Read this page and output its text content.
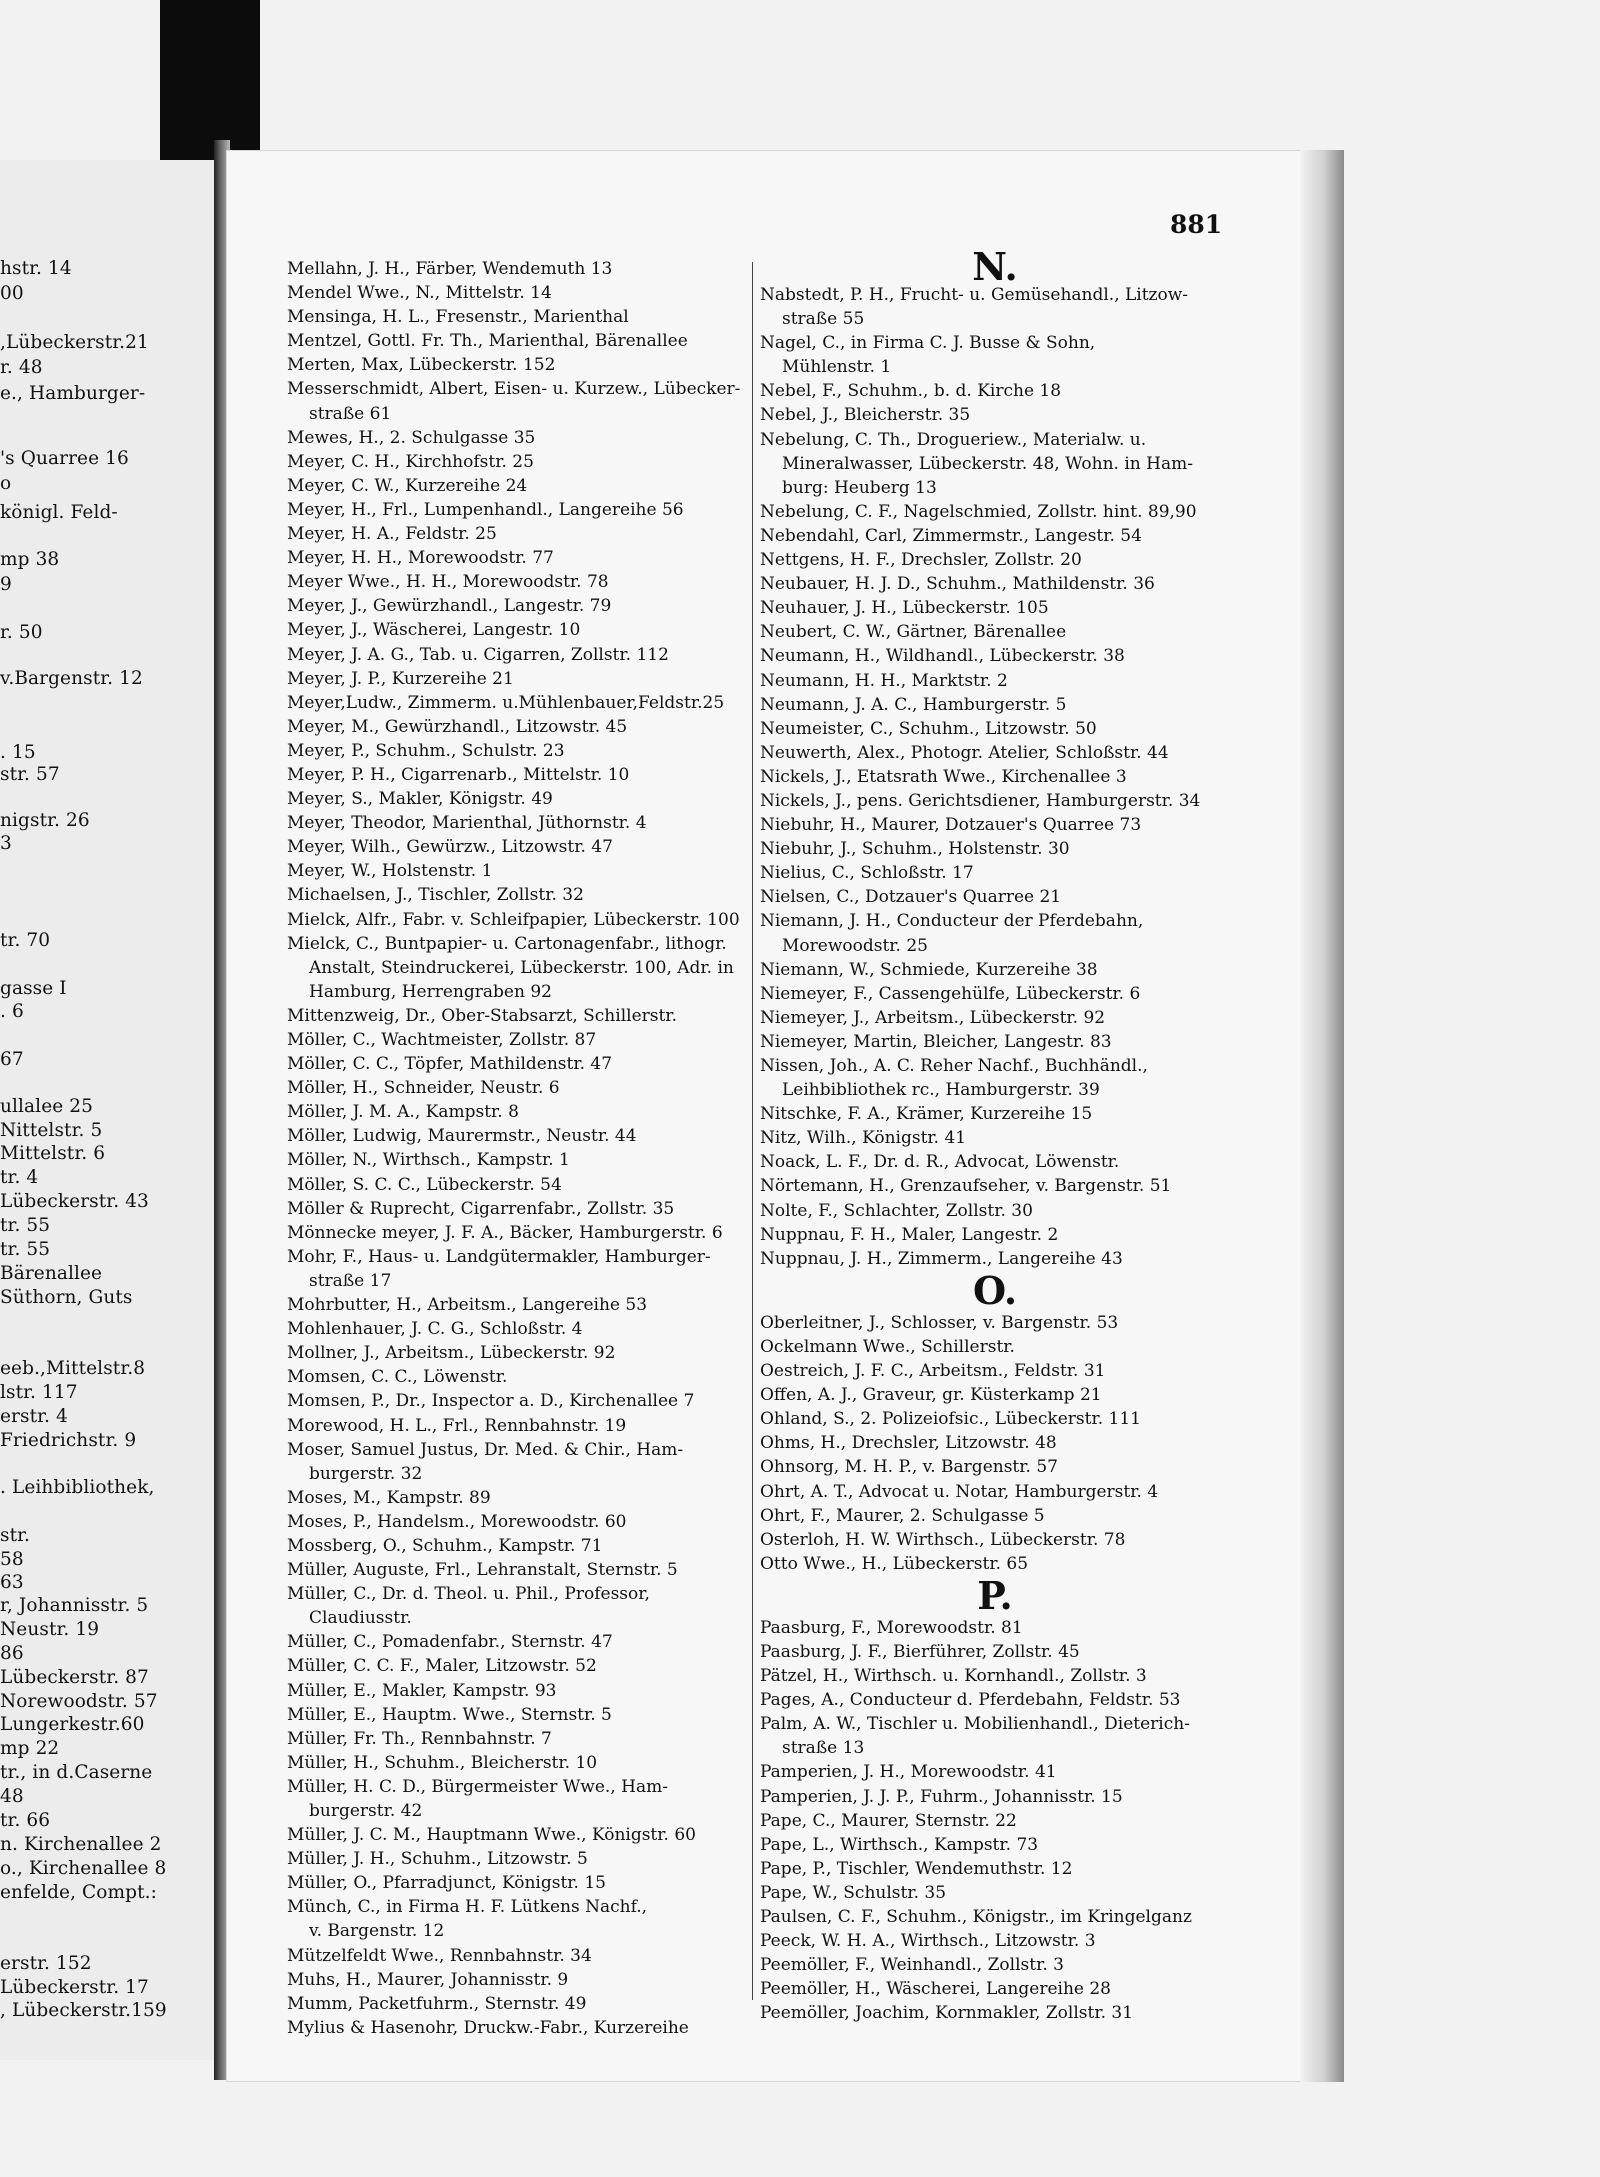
hstr. 14
00
,Lübeckerstr.21
r. 48
e., Hamburger-
's Quarree 16
o
königl. Feld-
mp 38
9
r. 50
v.Bargenstr. 12
. 15
str. 57
nigstr. 26
3
tr. 70
gasse I
. 6
67
ullalee 25
Nittelstr. 5
Mittelstr. 6
tr. 4
Lübeckerstr. 43
tr. 55
tr. 55
Bärenallee
Süthorn, Guts
eeb.,Mittelstr.8
lstr. 117
erstr. 4
Friedrichstr. 9
. Leihbibliothek,
str.
58
63
r, Johannisstr. 5
Neustr. 19
86
Lübeckerstr. 87
Norewoodstr. 57
Lungerkestr.60
mp 22
tr., in d.Caserne
48
tr. 66
n. Kirchenallee 2
o., Kirchenallee 8
enfelde, Compt.:
erstr. 152
Lübeckerstr. 17
, Lübeckerstr.159
881
Mellahn, J. H., Färber, Wendemuth 13
Mendel Wwe., N., Mittelstr. 14
Mensinga, H. L., Fresenstr., Marienthal
Mentzel, Gottl. Fr. Th., Marienthal, Bärenallee
Merten, Max, Lübeckerstr. 152
Messerschmidt, Albert, Eisen- u. Kurzew., Lübecker-
straße 61
Mewes, H., 2. Schulgasse 35
Meyer, C. H., Kirchhofstr. 25
Meyer, C. W., Kurzereihe 24
Meyer, H., Frl., Lumpenhandl., Langereihe 56
Meyer, H. A., Feldstr. 25
Meyer, H. H., Morewoodstr. 77
Meyer Wwe., H. H., Morewoodstr. 78
Meyer, J., Gewürzhandl., Langestr. 79
Meyer, J., Wäscherei, Langestr. 10
Meyer, J. A. G., Tab. u. Cigarren, Zollstr. 112
Meyer, J. P., Kurzereihe 21
Meyer,Ludw., Zimmerm. u.Mühlenbauer,Feldstr.25
Meyer, M., Gewürzhandl., Litzowstr. 45
Meyer, P., Schuhm., Schulstr. 23
Meyer, P. H., Cigarrenarb., Mittelstr. 10
Meyer, S., Makler, Königstr. 49
Meyer, Theodor, Marienthal, Jüthornstr. 4
Meyer, Wilh., Gewürzw., Litzowstr. 47
Meyer, W., Holstenstr. 1
Michaelsen, J., Tischler, Zollstr. 32
Mielck, Alfr., Fabr. v. Schleifpapier, Lübeckerstr. 100
Mielck, C., Buntpapier- u. Cartonagenfabr., lithogr.
Anstalt, Steindruckerei, Lübeckerstr. 100, Adr. in
Hamburg, Herrengraben 92
Mittenzweig, Dr., Ober-Stabsarzt, Schillerstr.
Möller, C., Wachtmeister, Zollstr. 87
Möller, C. C., Töpfer, Mathildenstr. 47
Möller, H., Schneider, Neustr. 6
Möller, J. M. A., Kampstr. 8
Möller, Ludwig, Maurermstr., Neustr. 44
Möller, N., Wirthsch., Kampstr. 1
Möller, S. C. C., Lübeckerstr. 54
Möller & Ruprecht, Cigarrenfabr., Zollstr. 35
Mönnecke meyer, J. F. A., Bäcker, Hamburgerstr. 6
Mohr, F., Haus- u. Landgütermakler, Hamburger-
straße 17
Mohrbutter, H., Arbeitsm., Langereihe 53
Mohlenhauer, J. C. G., Schloßstr. 4
Mollner, J., Arbeitsm., Lübeckerstr. 92
Momsen, C. C., Löwenstr.
Momsen, P., Dr., Inspector a. D., Kirchenallee 7
Morewood, H. L., Frl., Rennbahnstr. 19
Moser, Samuel Justus, Dr. Med. & Chir., Ham-
burgerstr. 32
Moses, M., Kampstr. 89
Moses, P., Handelsm., Morewoodstr. 60
Mossberg, O., Schuhm., Kampstr. 71
Müller, Auguste, Frl., Lehranstalt, Sternstr. 5
Müller, C., Dr. d. Theol. u. Phil., Professor,
Claudiusstr.
Müller, C., Pomadenfabr., Sternstr. 47
Müller, C. C. F., Maler, Litzowstr. 52
Müller, E., Makler, Kampstr. 93
Müller, E., Hauptm. Wwe., Sternstr. 5
Müller, Fr. Th., Rennbahnstr. 7
Müller, H., Schuhm., Bleicherstr. 10
Müller, H. C. D., Bürgermeister Wwe., Ham-
burgerstr. 42
Müller, J. C. M., Hauptmann Wwe., Königstr. 60
Müller, J. H., Schuhm., Litzowstr. 5
Müller, O., Pfarradjunct, Königstr. 15
Münch, C., in Firma H. F. Lütkens Nachf.,
v. Bargenstr. 12
Mützelfeldt Wwe., Rennbahnstr. 34
Muhs, H., Maurer, Johannisstr. 9
Mumm, Packetfuhrm., Sternstr. 49
Mylius & Hasenohr, Druckw.-Fabr., Kurzereihe
N.
Nabstedt, P. H., Frucht- u. Gemüsehandl., Litzow-
straße 55
Nagel, C., in Firma C. J. Busse & Sohn,
Mühlenstr. 1
Nebel, F., Schuhm., b. d. Kirche 18
Nebel, J., Bleicherstr. 35
Nebelung, C. Th., Drogueriew., Materialw. u.
Mineralwasser, Lübeckerstr. 48, Wohn. in Ham-
burg: Heuberg 13
Nebelung, C. F., Nagelschmied, Zollstr. hint. 89,90
Nebendahl, Carl, Zimmermstr., Langestr. 54
Nettgens, H. F., Drechsler, Zollstr. 20
Neubauer, H. J. D., Schuhm., Mathildenstr. 36
Neuhauer, J. H., Lübeckerstr. 105
Neubert, C. W., Gärtner, Bärenallee
Neumann, H., Wildhandl., Lübeckerstr. 38
Neumann, H. H., Marktstr. 2
Neumann, J. A. C., Hamburgerstr. 5
Neumeister, C., Schuhm., Litzowstr. 50
Neuwerth, Alex., Photogr. Atelier, Schloßstr. 44
Nickels, J., Etatsrath Wwe., Kirchenallee 3
Nickels, J., pens. Gerichtsdiener, Hamburgerstr. 34
Niebuhr, H., Maurer, Dotzauer's Quarree 73
Niebuhr, J., Schuhm., Holstenstr. 30
Nielius, C., Schloßstr. 17
Nielsen, C., Dotzauer's Quarree 21
Niemann, J. H., Conducteur der Pferdebahn,
Morewoodstr. 25
Niemann, W., Schmiede, Kurzereihe 38
Niemeyer, F., Cassengehülfe, Lübeckerstr. 6
Niemeyer, J., Arbeitsm., Lübeckerstr. 92
Niemeyer, Martin, Bleicher, Langestr. 83
Nissen, Joh., A. C. Reher Nachf., Buchhändl.,
Leihbibliothek rc., Hamburgerstr. 39
Nitschke, F. A., Krämer, Kurzereihe 15
Nitz, Wilh., Königstr. 41
Noack, L. F., Dr. d. R., Advocat, Löwenstr.
Nörtemann, H., Grenzaufseher, v. Bargenstr. 51
Nolte, F., Schlachter, Zollstr. 30
Nuppnau, F. H., Maler, Langestr. 2
Nuppnau, J. H., Zimmerm., Langereihe 43
O.
Oberleitner, J., Schlosser, v. Bargenstr. 53
Ockelmann Wwe., Schillerstr.
Oestreich, J. F. C., Arbeitsm., Feldstr. 31
Offen, A. J., Graveur, gr. Küsterkamp 21
Ohland, S., 2. Polizeiofsic., Lübeckerstr. 111
Ohms, H., Drechsler, Litzowstr. 48
Ohnsorg, M. H. P., v. Bargenstr. 57
Ohrt, A. T., Advocat u. Notar, Hamburgerstr. 4
Ohrt, F., Maurer, 2. Schulgasse 5
Osterloh, H. W. Wirthsch., Lübeckerstr. 78
Otto Wwe., H., Lübeckerstr. 65
P.
Paasburg, F., Morewoodstr. 81
Paasburg, J. F., Bierführer, Zollstr. 45
Pätzel, H., Wirthsch. u. Kornhandl., Zollstr. 3
Pages, A., Conducteur d. Pferdebahn, Feldstr. 53
Palm, A. W., Tischler u. Mobilienhandl., Dieterich-
straße 13
Pamperien, J. H., Morewoodstr. 41
Pamperien, J. J. P., Fuhrm., Johannisstr. 15
Pape, C., Maurer, Sternstr. 22
Pape, L., Wirthsch., Kampstr. 73
Pape, P., Tischler, Wendemuthstr. 12
Pape, W., Schulstr. 35
Paulsen, C. F., Schuhm., Königstr., im Kringelganz
Peeck, W. H. A., Wirthsch., Litzowstr. 3
Peemöller, F., Weinhandl., Zollstr. 3
Peemöller, H., Wäscherei, Langereihe 28
Peemöller, Joachim, Kornmakler, Zollstr. 31
